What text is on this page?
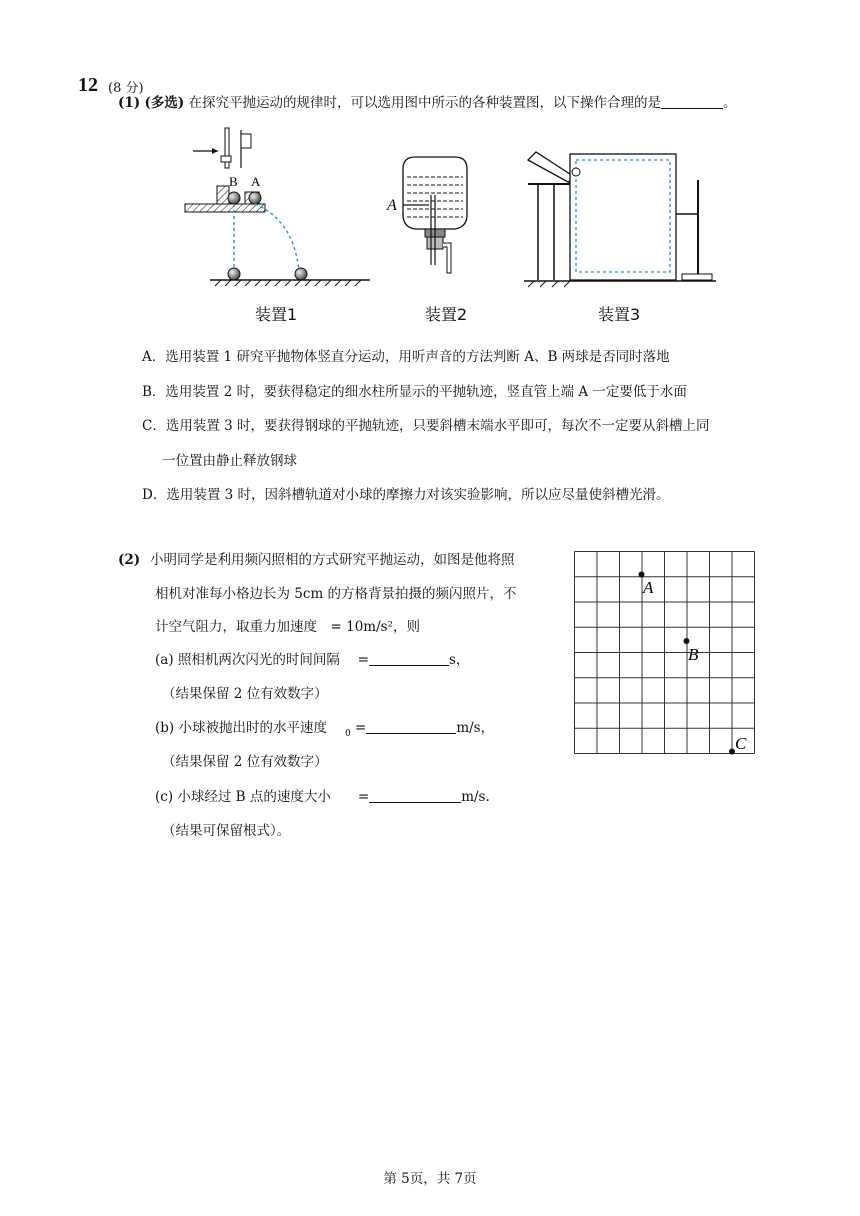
12 (8 分)
(1) (多选) 在探究平抛运动的规律时，可以选用图中所示的各种装置图，以下操作合理的是	。
B A
装置1
A
装置2	装置3
A．选用装置 1 研究平抛物体竖直分运动，用听声音的方法判断 A、B 两球是否同时落地
B．选用装置 2 时，要获得稳定的细水柱所显示的平抛轨迹，竖直管上端 A 一定要低于水面
C．选用装置 3 时，要获得钢球的平抛轨迹，只要斜槽末端水平即可，每次不一定要从斜槽上同
一位置由静止释放钢球
D．选用装置 3 时，因斜槽轨道对小球的摩擦力对该实验影响，所以应尽量使斜槽光滑。
(2) 小明同学是利用频闪照相的方式研究平抛运动，如图是他将照
相机对准每小格边长为 5cm 的方格背景拍摄的频闪照片，不
计空气阻力，取重力加速度　= 10m/s²，则
(a) 照相机两次闪光的时间间隔　 =	s，
（结果保留 2 位有效数字）
(b) 小球被抛出时的水平速度 $_0$ =	m/s，
（结果保留 2 位有效数字）
(c) 小球经过 B 点的速度大小　　=	m/s.
（结果可保留根式）。
A
B
C
第 5页，共 7页
